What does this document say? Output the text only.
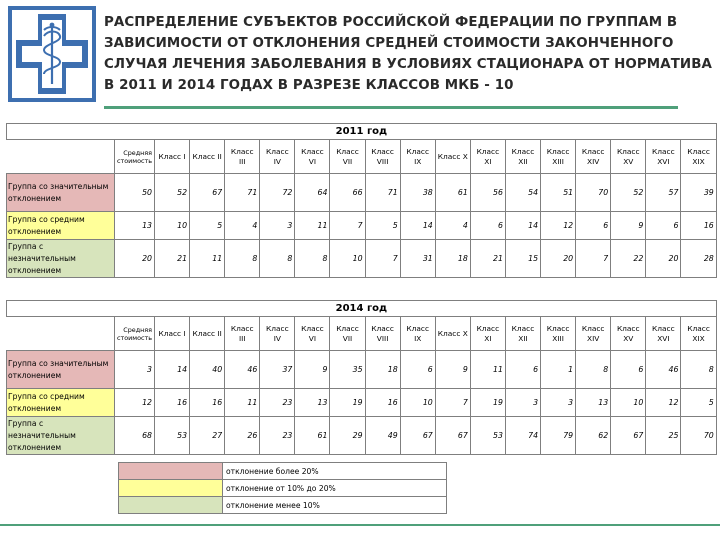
РАСПРЕДЕЛЕНИЕ СУБЪЕКТОВ РОССИЙСКОЙ ФЕДЕРАЦИИ ПО ГРУППАМ В ЗАВИСИМОСТИ ОТ ОТКЛОНЕНИЯ СРЕДНЕЙ СТОИМОСТИ ЗАКОНЧЕННОГО СЛУЧАЯ ЛЕЧЕНИЯ ЗАБОЛЕВАНИЯ В УСЛОВИЯХ СТАЦИОНАРА ОТ НОРМАТИВА В 2011 И 2014 ГОДАХ В РАЗРЕЗЕ КЛАССОВ МКБ - 10
2011 год																	
	Средняя стоимость	Класс I	Класс II	Класс III	Класс IV	Класс VI	Класс VII	Класс VIII	Класс IX	Класс X	Класс XI	Класс XII	Класс XIII	Класс XIV	Класс XV	Класс XVI	Класс XIX
Группа со значительным отклонением	50	52	67	71	72	64	66	71	38	61	56	54	51	70	52	57	39
Группа со средним отклонением	13	10	5	4	3	11	7	5	14	4	6	14	12	6	9	6	16
Группа с незначительным отклонением	20	21	11	8	8	8	10	7	31	18	21	15	20	7	22	20	28
2014 год																	
	Средняя стоимость	Класс I	Класс II	Класс III	Класс IV	Класс VI	Класс VII	Класс VIII	Класс IX	Класс X	Класс XI	Класс XII	Класс XIII	Класс XIV	Класс XV	Класс XVI	Класс XIX
Группа со значительным отклонением	3	14	40	46	37	9	35	18	6	9	11	6	1	8	6	46	8
Группа со средним отклонением	12	16	16	11	23	13	19	16	10	7	19	3	3	13	10	12	5
Группа с незначительным отклонением	68	53	27	26	23	61	29	49	67	67	53	74	79	62	67	25	70
	отклонение более 20%
	отклонение от 10% до 20%
	отклонение менее 10%
